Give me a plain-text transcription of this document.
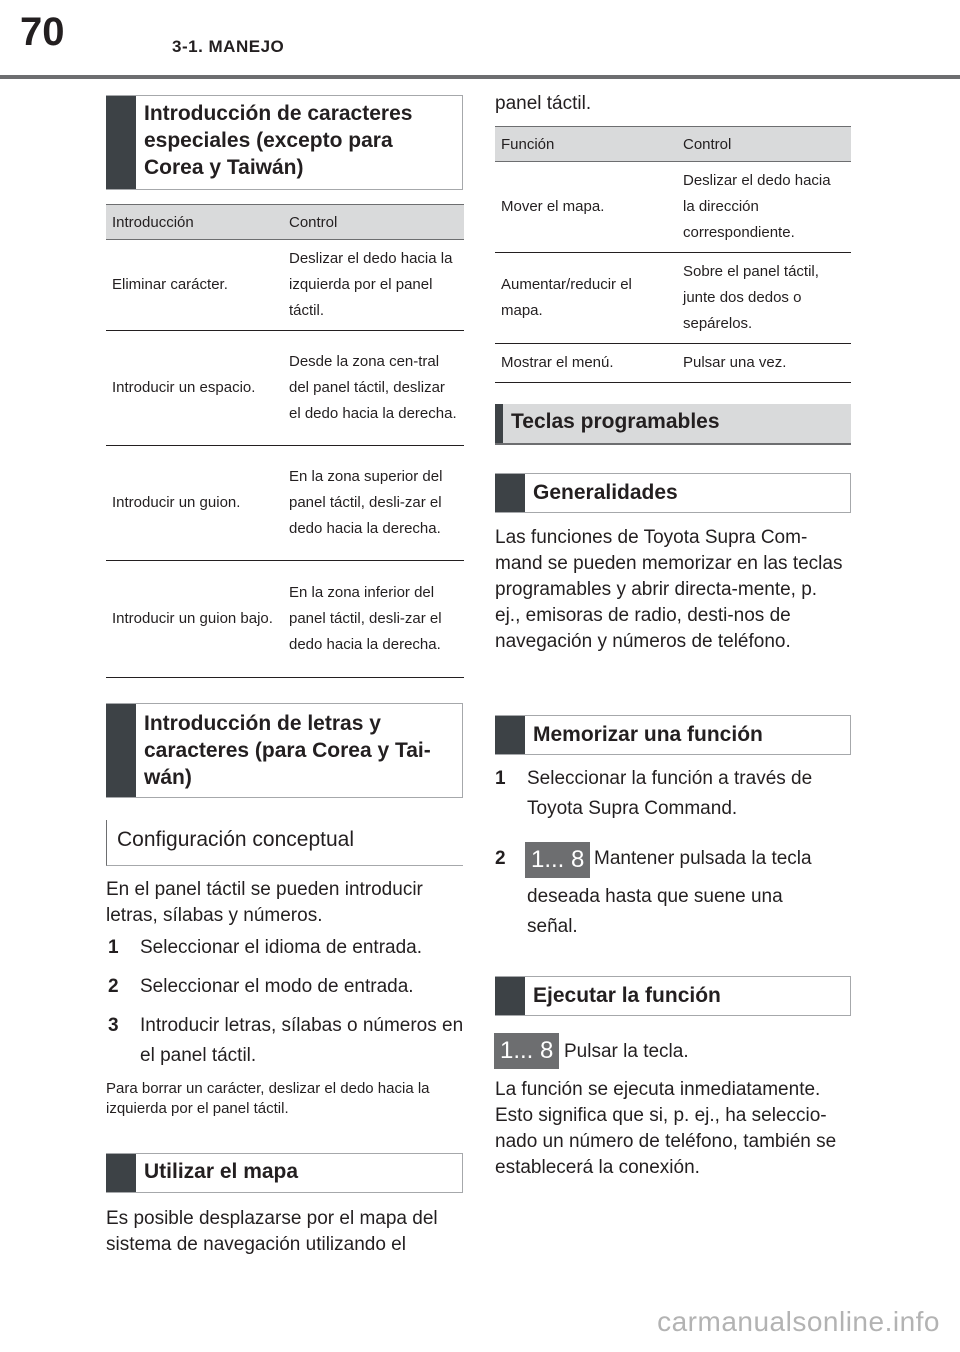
70	3-1. MANEJO
Introducción de caracteres especiales (excepto para Corea y Taiwán)
Introducción	Control
Eliminar carácter.	Deslizar el dedo hacia la izquierda por el panel táctil.
Introducir un espacio.	Desde la zona cen-tral del panel táctil, deslizar el dedo hacia la derecha.
Introducir un guion.	En la zona superior del panel táctil, desli-zar el dedo hacia la derecha.
Introducir un guion bajo.	En la zona inferior del panel táctil, desli-zar el dedo hacia la derecha.
Introducción de letras y caracteres (para Corea y Tai-wán)
Configuración conceptual
En el panel táctil se pueden introducir letras, sílabas y números.
1 Seleccionar el idioma de entrada.
2 Seleccionar el modo de entrada.
3 Introducir letras, sílabas o números en el panel táctil.
Para borrar un carácter, deslizar el dedo hacia la izquierda por el panel táctil.
Utilizar el mapa
Es posible desplazarse por el mapa del sistema de navegación utilizando el
panel táctil.
Función	Control
Mover el mapa.	Deslizar el dedo hacia la dirección correspondiente.
Aumentar/reducir el mapa.	Sobre el panel táctil, junte dos dedos o sepárelos.
Mostrar el menú.	Pulsar una vez.
Teclas programables
Generalidades
Las funciones de Toyota Supra Com-mand se pueden memorizar en las teclas programables y abrir directa-mente, p. ej., emisoras de radio, desti-nos de navegación y números de teléfono.
Memorizar una función
1 Seleccionar la función a través de Toyota Supra Command.
2 1... 8 Mantener pulsada la tecla
deseada hasta que suene una señal.
Ejecutar la función
1... 8 Pulsar la tecla.
La función se ejecuta inmediatamente. Esto significa que si, p. ej., ha seleccio-nado un número de teléfono, también se establecerá la conexión.
carmanualsonline.info
